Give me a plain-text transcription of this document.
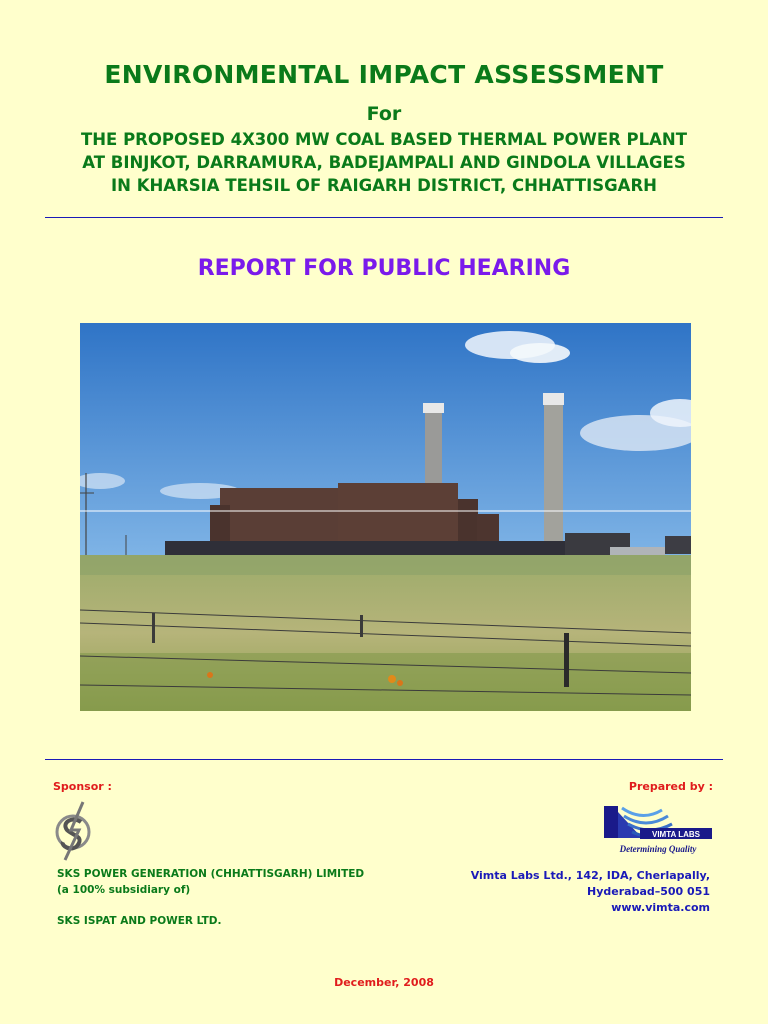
ENVIRONMENTAL IMPACT ASSESSMENT
For
THE PROPOSED 4X300 MW COAL BASED THERMAL POWER PLANT
AT BINJKOT, DARRAMURA, BADEJAMPALI AND GINDOLA VILLAGES
IN KHARSIA TEHSIL OF RAIGARH DISTRICT, CHHATTISGARH
REPORT FOR PUBLIC HEARING
Sponsor :	Prepared by :
VIMTA LABS
Determining Quality
SKS POWER GENERATION (CHHATTISGARH) LIMITED
(a 100% subsidiary of)
SKS ISPAT AND POWER LTD.
Vimta Labs Ltd., 142, IDA, Cherlapally,
Hyderabad–500 051
www.vimta.com
December, 2008
